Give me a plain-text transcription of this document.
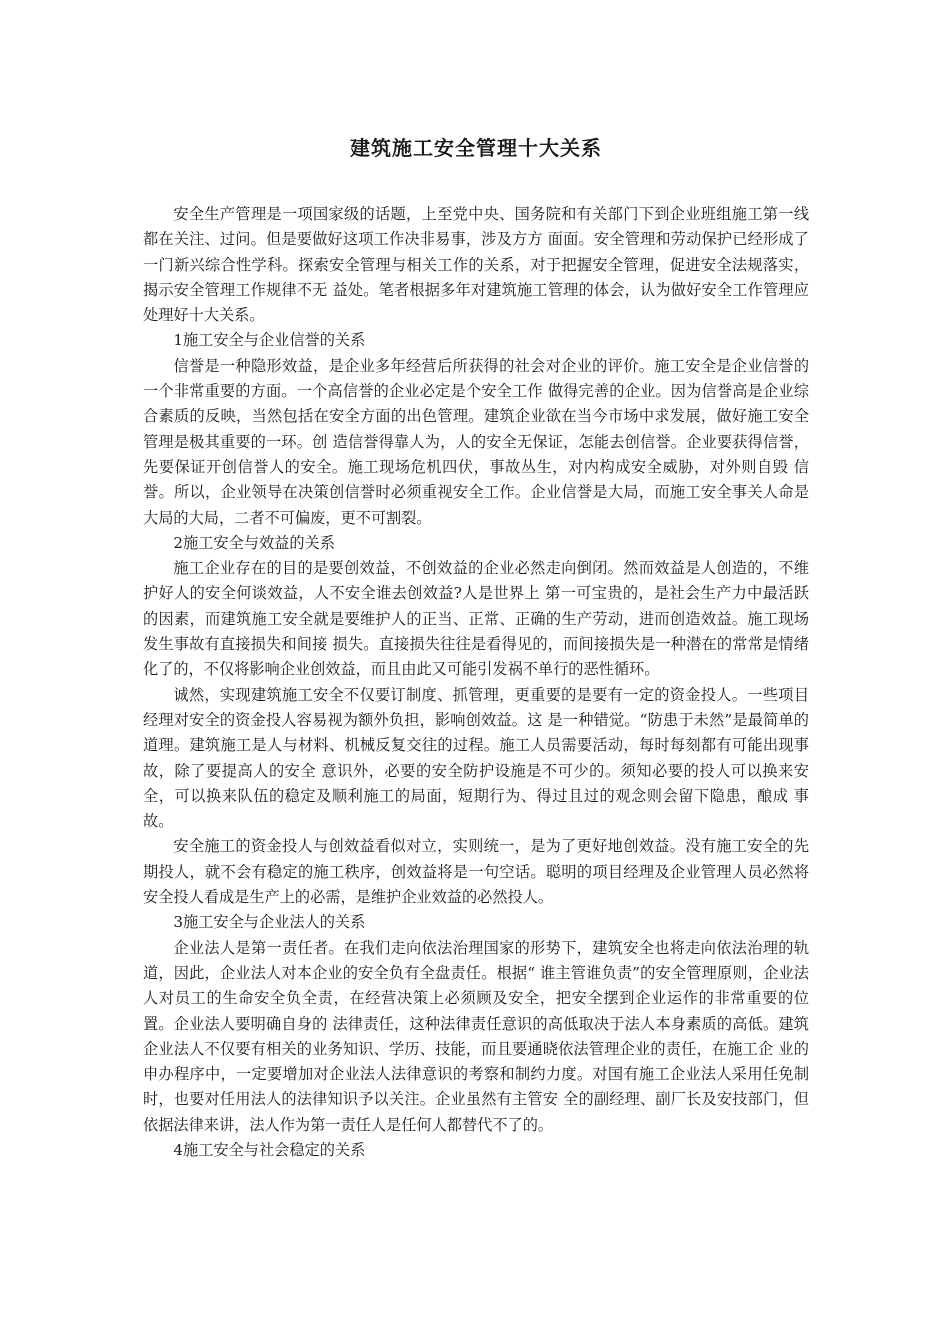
建筑施工安全管理十大关系

安全生产管理是一项国家级的话题，上至党中央、国务院和有关部门下到企业班组施工第一线都在关注、过问。但是要做好这项工作决非易事，涉及方方 面面。安全管理和劳动保护已经形成了一门新兴综合性学科。探索安全管理与相关工作的关系，对于把握安全管理，促进安全法规落实，揭示安全管理工作规律不无 益处。笔者根据多年对建筑施工管理的体会，认为做好安全工作管理应处理好十大关系。

1施工安全与企业信誉的关系

信誉是一种隐形效益，是企业多年经营后所获得的社会对企业的评价。施工安全是企业信誉的一个非常重要的方面。一个高信誉的企业必定是个安全工作 做得完善的企业。因为信誉高是企业综合素质的反映，当然包括在安全方面的出色管理。建筑企业欲在当今市场中求发展，做好施工安全管理是极其重要的一环。创 造信誉得靠人为，人的安全无保证，怎能去创信誉。企业要获得信誉，先要保证开创信誉人的安全。施工现场危机四伏，事故丛生，对内构成安全威胁，对外则自毁 信誉。所以，企业领导在决策创信誉时必须重视安全工作。企业信誉是大局，而施工安全事关人命是大局的大局，二者不可偏废，更不可割裂。

2施工安全与效益的关系

施工企业存在的目的是要创效益，不创效益的企业必然走向倒闭。然而效益是人创造的，不维护好人的安全何谈效益，人不安全谁去创效益?人是世界上 第一可宝贵的，是社会生产力中最活跃的因素，而建筑施工安全就是要维护人的正当、正常、正确的生产劳动，进而创造效益。施工现场发生事故有直接损失和间接 损失。直接损失往往是看得见的，而间接损失是一种潜在的常常是情绪化了的，不仅将影响企业创效益，而且由此又可能引发祸不单行的恶性循环。

诚然，实现建筑施工安全不仅要订制度、抓管理，更重要的是要有一定的资金投人。一些项目经理对安全的资金投人容易视为额外负担，影响创效益。这 是一种错觉。“防患于未然”是最简单的道理。建筑施工是人与材料、机械反复交往的过程。施工人员需要活动，每时每刻都有可能出现事故，除了要提高人的安全 意识外，必要的安全防护设施是不可少的。须知必要的投人可以换来安全，可以换来队伍的稳定及顺利施工的局面，短期行为、得过且过的观念则会留下隐患，酿成 事故。

安全施工的资金投人与创效益看似对立，实则统一，是为了更好地创效益。没有施工安全的先期投人，就不会有稳定的施工秩序，创效益将是一句空话。聪明的项目经理及企业管理人员必然将安全投人看成是生产上的必需，是维护企业效益的必然投人。

3施工安全与企业法人的关系

企业法人是第一责任者。在我们走向依法治理国家的形势下，建筑安全也将走向依法治理的轨道，因此，企业法人对本企业的安全负有全盘责任。根据“ 谁主管谁负责”的安全管理原则，企业法人对员工的生命安全负全责，在经营决策上必须顾及安全，把安全摆到企业运作的非常重要的位置。企业法人要明确自身的 法律责任，这种法律责任意识的高低取决于法人本身素质的高低。建筑企业法人不仅要有相关的业务知识、学历、技能，而且要通晓依法管理企业的责任，在施工企 业的申办程序中，一定要增加对企业法人法律意识的考察和制约力度。对国有施工企业法人采用任免制时，也要对任用法人的法律知识予以关注。企业虽然有主管安 全的副经理、副厂长及安技部门，但依据法律来讲，法人作为第一责任人是任何人都替代不了的。

4施工安全与社会稳定的关系
